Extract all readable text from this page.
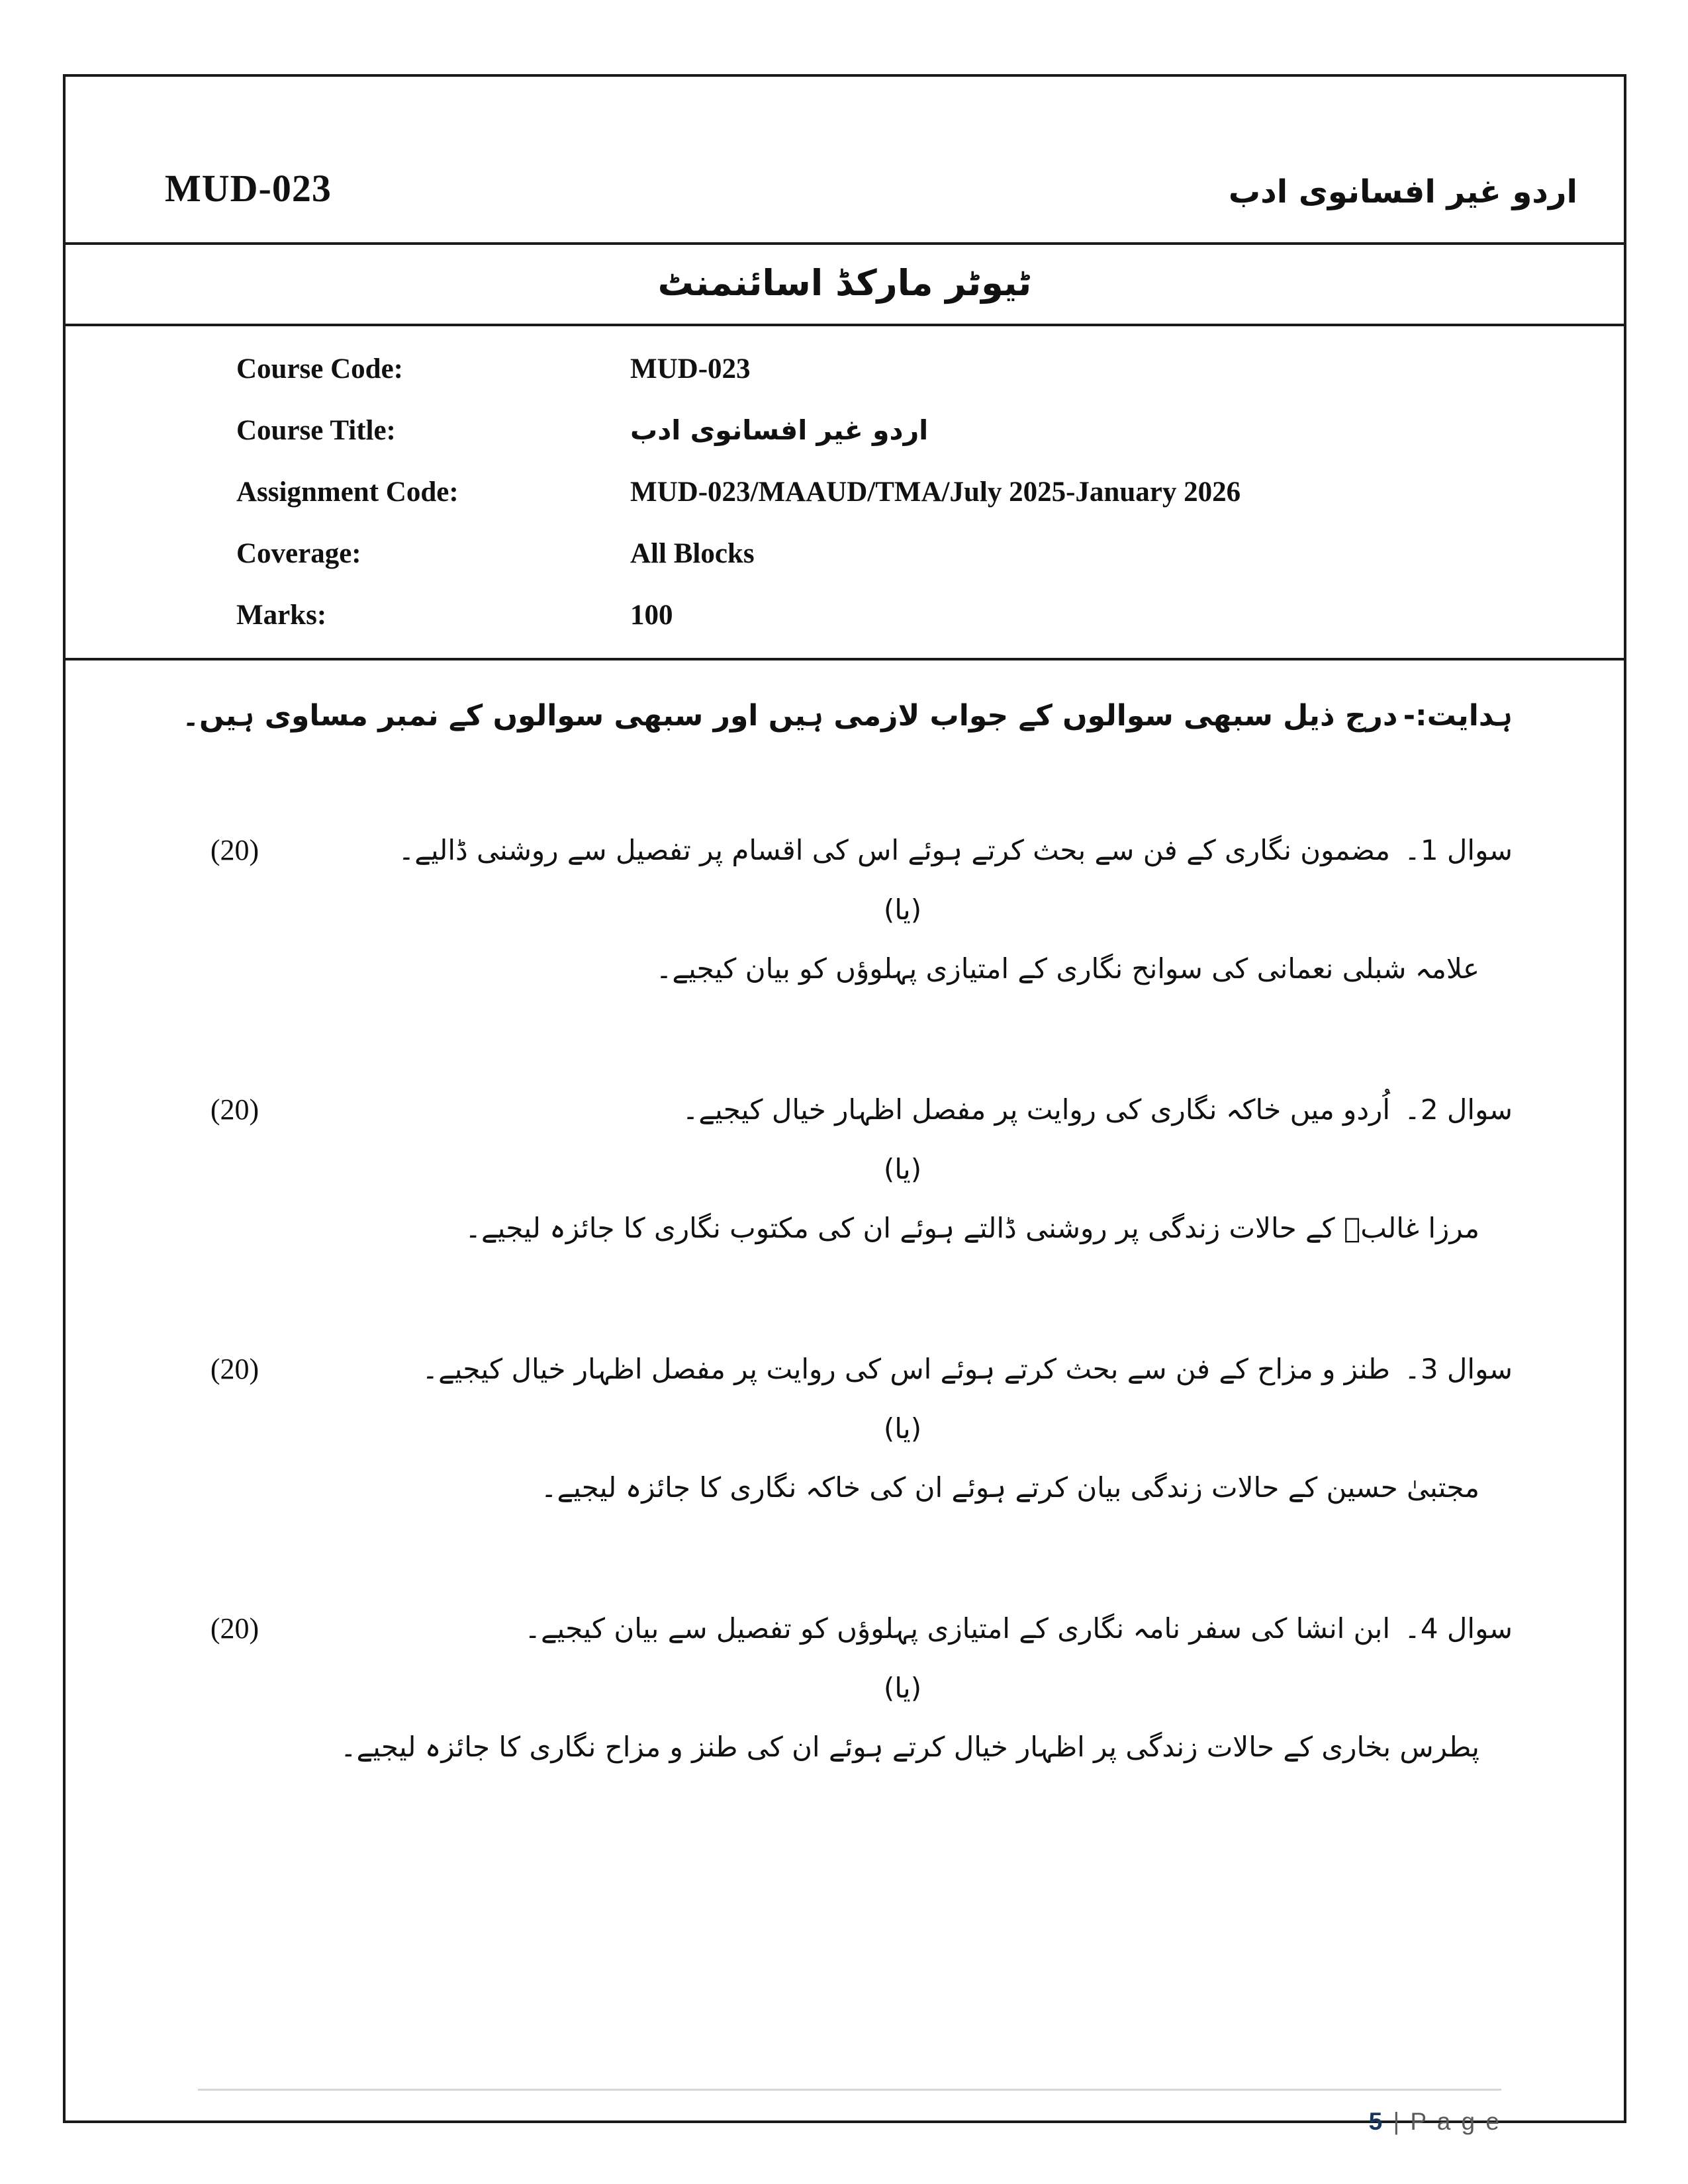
MUD-023	اردو غیر افسانوی ادب
ٹیوٹر مارکڈ اسائنمنٹ
Course Code:	MUD-023
Course Title:	اردو غیر افسانوی ادب
Assignment Code:	MUD-023/MAAUD/TMA/July 2025-January 2026
Coverage:	All Blocks
Marks:	100
ہدایت:-
درج ذیل سبھی سوالوں کے جواب لازمی ہیں اور سبھی سوالوں کے نمبر مساوی ہیں۔
سوال 1۔
مضمون نگاری کے فن سے بحث کرتے ہوئے اس کی اقسام پر تفصیل سے روشنی ڈالیے۔
(20)
(یا)
علامہ شبلی نعمانی کی سوانح نگاری کے امتیازی پہلوؤں کو بیان کیجیے۔
سوال 2۔
اُردو میں خاکہ نگاری کی روایت پر مفصل اظہار خیال کیجیے۔
(20)
(یا)
مرزا غالبؔ کے حالات زندگی پر روشنی ڈالتے ہوئے ان کی مکتوب نگاری کا جائزہ لیجیے۔
سوال 3۔
طنز و مزاح کے فن سے بحث کرتے ہوئے اس کی روایت پر مفصل اظہار خیال کیجیے۔
(20)
(یا)
مجتبیٰ حسین کے حالات زندگی بیان کرتے ہوئے ان کی خاکہ نگاری کا جائزہ لیجیے۔
سوال 4۔
ابن انشا کی سفر نامہ نگاری کے امتیازی پہلوؤں کو تفصیل سے بیان کیجیے۔
(20)
(یا)
پطرس بخاری کے حالات زندگی پر اظہار خیال کرتے ہوئے ان کی طنز و مزاح نگاری کا جائزہ لیجیے۔
5 | P a g e
